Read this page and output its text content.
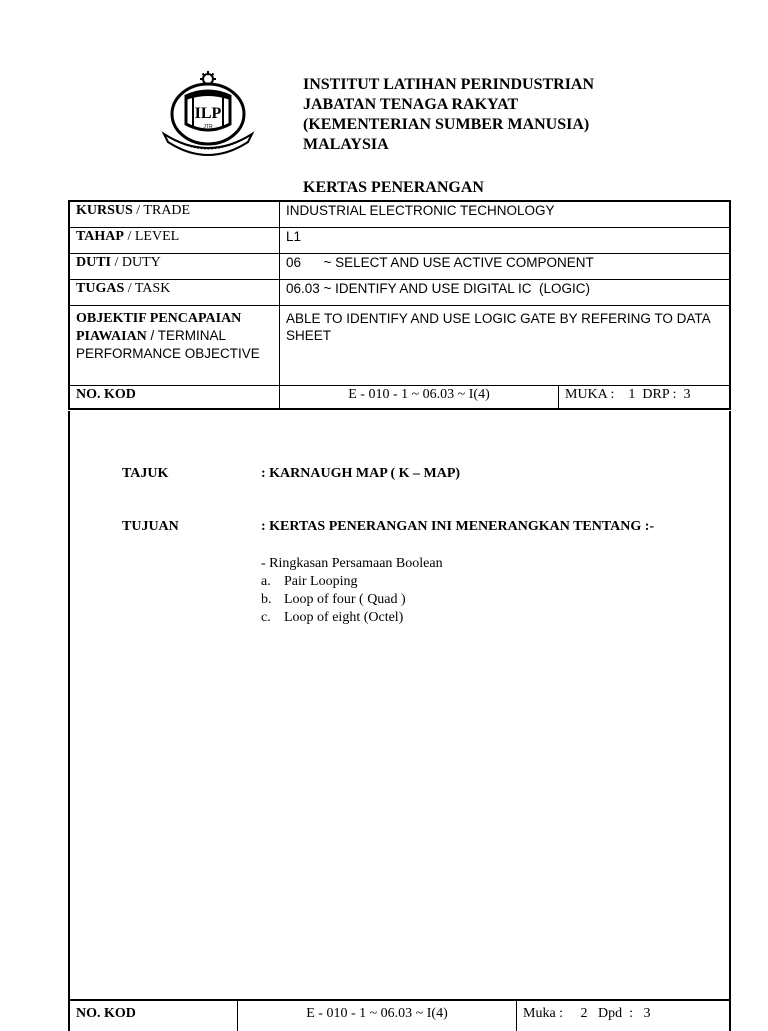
ILP
JTR
INSTITUT LATIHAN PERINDUSTRIAN
JABATAN TENAGA RAKYAT
(KEMENTERIAN SUMBER MANUSIA)
MALAYSIA
KERTAS PENERANGAN
KURSUS / TRADE	INDUSTRIAL ELECTRONIC TECHNOLOGY	
TAHAP / LEVEL	L1	
DUTI / DUTY	06      ~ SELECT AND USE ACTIVE COMPONENT	
TUGAS / TASK	06.03 ~ IDENTIFY AND USE DIGITAL IC  (LOGIC)	
OBJEKTIF PENCAPAIAN
PIAWAIAN / TERMINAL PERFORMANCE OBJECTIVE	ABLE TO IDENTIFY AND USE LOGIC GATE BY REFERING TO DATA SHEET	
NO. KOD	E - 010 - 1 ~ 06.03 ~ I(4)	MUKA :    1  DRP :  3
TAJUK	: KARNAUGH MAP ( K – MAP)
TUJUAN	: KERTAS PENERANGAN INI MENERANGKAN TENTANG :-
- Ringkasan Persamaan Boolean
a. Pair Looping
b. Loop of four ( Quad )
c. Loop of eight (Octel)
NO. KOD	E - 010 - 1 ~ 06.03 ~ I(4)	Muka :     2   Dpd  :   3
